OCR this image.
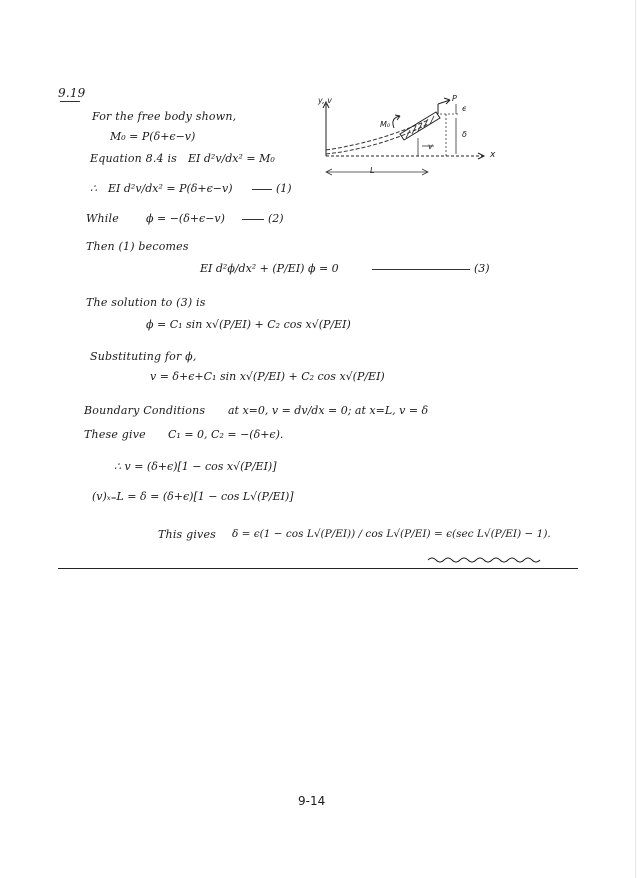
9.19
For the free body shown,
M₀ = P(δ+ϵ−v)
Equation 8.4 is EI d²v/dx² = M₀
∴ EI d²v/dx² = P(δ+ϵ−v)	(1)
While ϕ = −(δ+ϵ−v)	(2)
Then (1) becomes
EI d²ϕ/dx² + (P/EI) ϕ = 0	(3)
The solution to (3) is
ϕ = C₁ sin x√(P/EI) + C₂ cos x√(P/EI)
Substituting for ϕ,
v = δ+ϵ+C₁ sin x√(P/EI) + C₂ cos x√(P/EI)
Boundary Conditions at x=0, v = dv/dx = 0; at x=L, v = δ
These give C₁ = 0, C₂ = −(δ+ϵ).
∴ v = (δ+ϵ)[1 − cos x√(P/EI)]
(v)ₓ₌L = δ = (δ+ϵ)[1 − cos L√(P/EI)]
This gives δ = ϵ(1 − cos L√(P/EI)) / cos L√(P/EI) = ϵ(sec L√(P/EI) − 1).
y, v
x
P
M₀
ϵ
δ
v
L
9-14
